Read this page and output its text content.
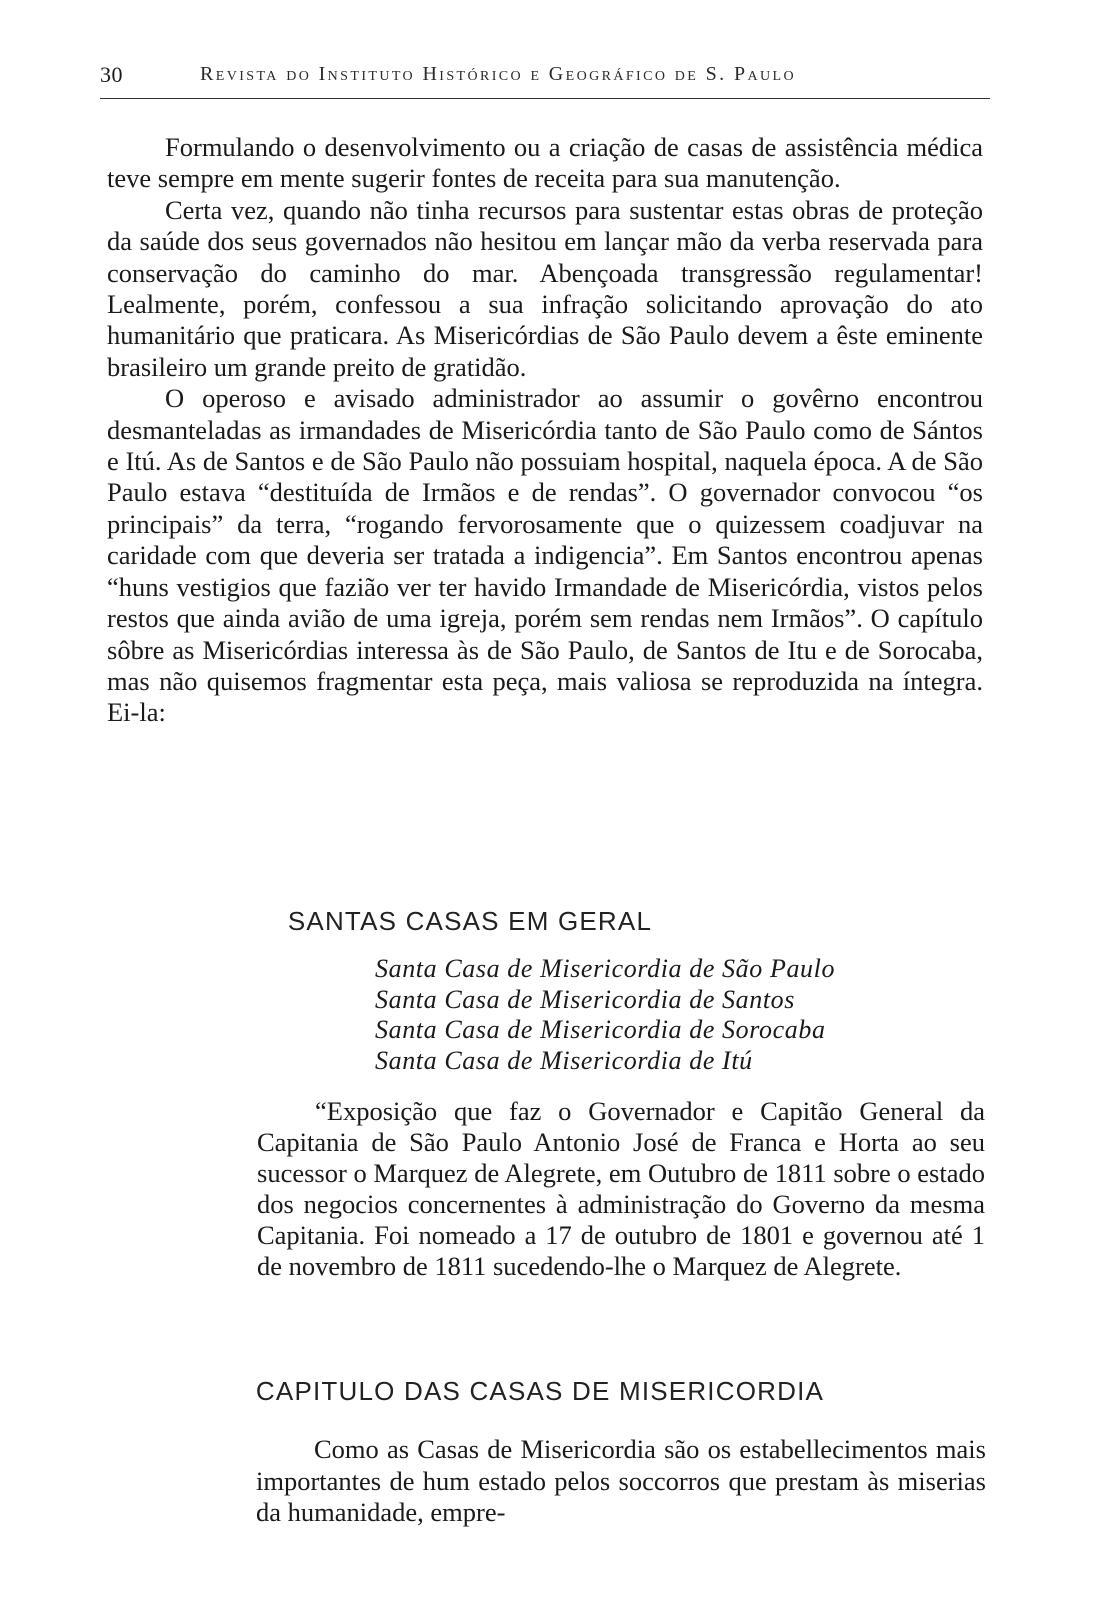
30	Revista do Instituto Histórico e Geográfico de S. Paulo

Formulando o desenvolvimento ou a criação de casas de assistência médica teve sempre em mente sugerir fontes de receita para sua manutenção.

Certa vez, quando não tinha recursos para sustentar estas obras de proteção da saúde dos seus governados não hesitou em lançar mão da verba reservada para conservação do caminho do mar. Abençoada transgressão regulamentar! Lealmente, porém, confessou a sua infração solicitando aprovação do ato humanitário que praticara. As Misericórdias de São Paulo devem a êste eminente brasileiro um grande preito de gratidão.

O operoso e avisado administrador ao assumir o govêrno encontrou desmanteladas as irmandades de Misericórdia tanto de São Paulo como de Sántos e Itú. As de Santos e de São Paulo não possuiam hospital, naquela época. A de São Paulo estava “destituída de Irmãos e de rendas”. O governador convocou “os principais” da terra, “rogando fervorosamente que o quizessem coadjuvar na caridade com que deveria ser tratada a indigencia”. Em Santos encontrou apenas “huns vestigios que fazião ver ter havido Irmandade de Misericórdia, vistos pelos restos que ainda avião de uma igreja, porém sem rendas nem Irmãos”. O capítulo sôbre as Misericórdias interessa às de São Paulo, de Santos de Itu e de Sorocaba, mas não quisemos fragmentar esta peça, mais valiosa se reproduzida na íntegra. Ei-la:

SANTAS CASAS EM GERAL
Santa Casa de Misericordia de São Paulo
Santa Casa de Misericordia de Santos
Santa Casa de Misericordia de Sorocaba
Santa Casa de Misericordia de Itú

“Exposição que faz o Governador e Capitão General da Capitania de São Paulo Antonio José de Franca e Horta ao seu sucessor o Marquez de Alegrete, em Outubro de 1811 sobre o estado dos negocios concernentes à administração do Governo da mesma Capitania. Foi nomeado a 17 de outubro de 1801 e governou até 1 de novembro de 1811 sucedendo-lhe o Marquez de Alegrete.

CAPITULO DAS CASAS DE MISERICORDIA

Como as Casas de Misericordia são os estabellecimentos mais importantes de hum estado pelos soccorros que prestam às miserias da humanidade, empre-
